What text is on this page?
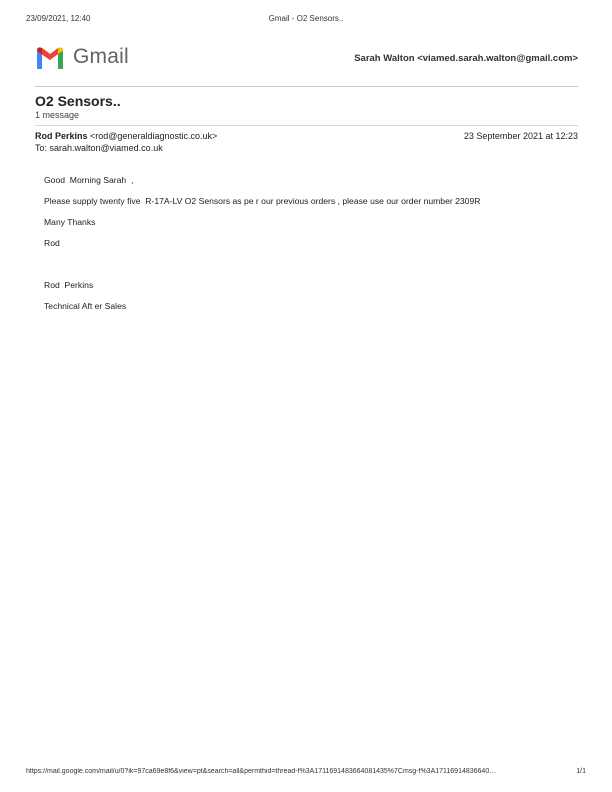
23/09/2021, 12:40	Gmail - O2 Sensors..
Gmail	Sarah Walton <viamed.sarah.walton@gmail.com>
O2 Sensors..
1 message
Rod Perkins <rod@generaldiagnostic.co.uk>	23 September 2021 at 12:23
To: sarah.walton@viamed.co.uk
Good  Morning Sarah  ,
Please supply twenty five  R-17A-LV O2 Sensors as pe r our previous orders , please use our order number 2309R
Many Thanks
Rod
Rod  Perkins
Technical Aft er Sales
https://mail.google.com/mail/u/0?ik=97ca69e8f6&view=pt&search=all&permthid=thread-f%3A1711691483664081435%7Cmsg-f%3A17116914836640…	1/1
